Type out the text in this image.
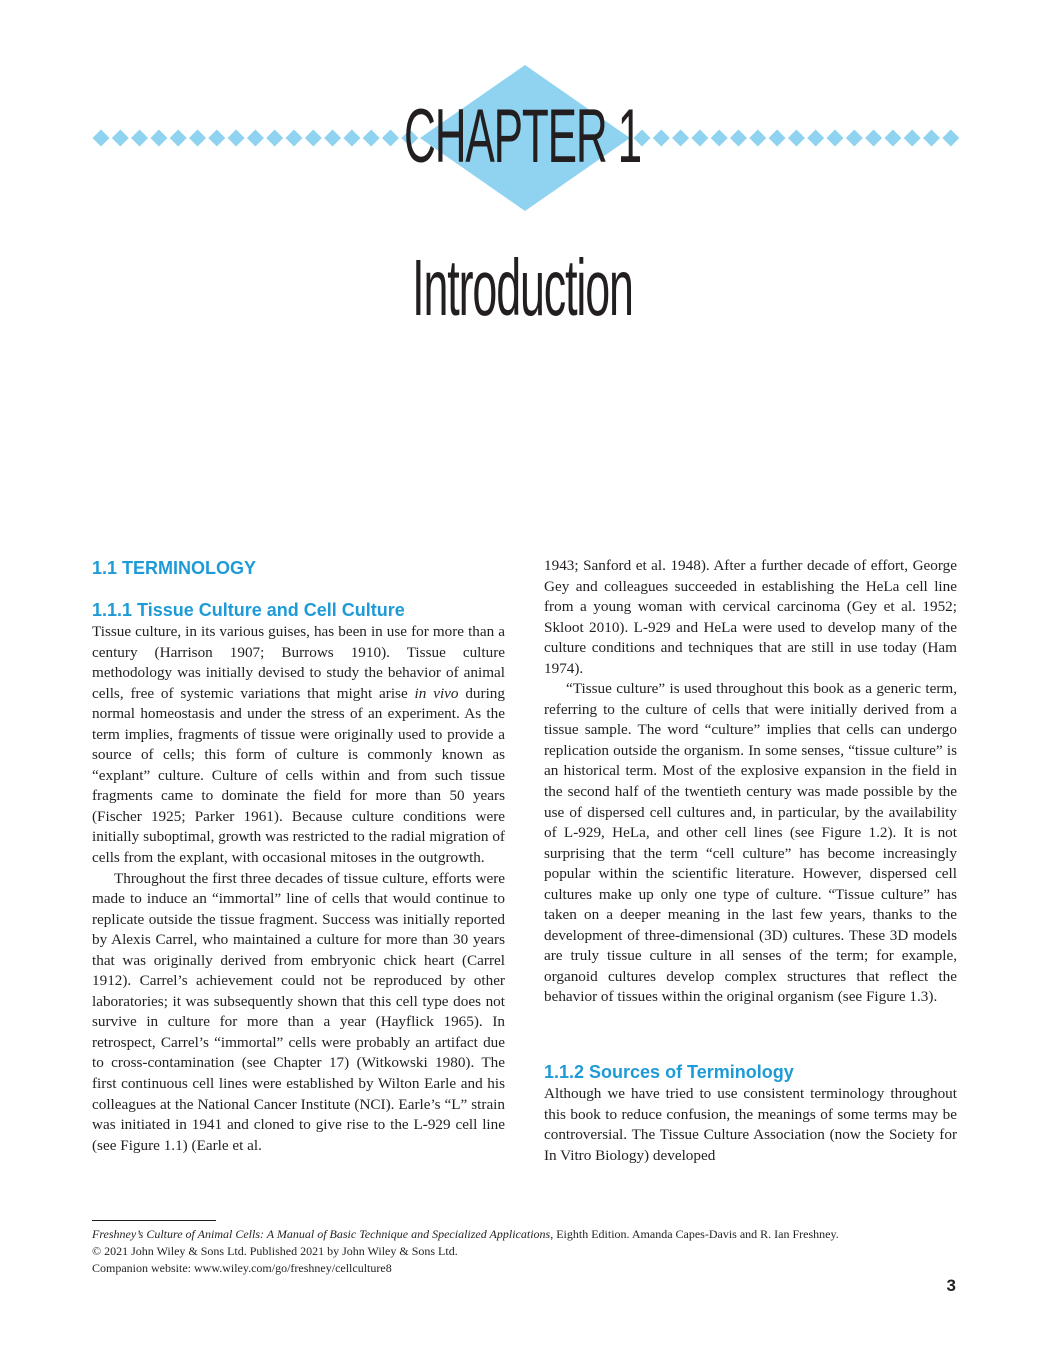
CHAPTER 1
Introduction
1.1 TERMINOLOGY
1.1.1 Tissue Culture and Cell Culture

Tissue culture, in its various guises, has been in use for more than a century (Harrison 1907; Burrows 1910). Tissue culture methodology was initially devised to study the behavior of animal cells, free of systemic variations that might arise in vivo during normal homeostasis and under the stress of an experiment. As the term implies, fragments of tissue were originally used to provide a source of cells; this form of culture is commonly known as “explant” culture. Culture of cells within and from such tissue fragments came to dominate the field for more than 50 years (Fischer 1925; Parker 1961). Because culture conditions were initially suboptimal, growth was restricted to the radial migration of cells from the explant, with occasional mitoses in the outgrowth.

Throughout the first three decades of tissue culture, efforts were made to induce an “immortal” line of cells that would continue to replicate outside the tissue fragment. Success was initially reported by Alexis Carrel, who maintained a culture for more than 30 years that was originally derived from embryonic chick heart (Carrel 1912). Carrel’s achievement could not be reproduced by other laboratories; it was subsequently shown that this cell type does not survive in culture for more than a year (Hayflick 1965). In retrospect, Carrel’s “immortal” cells were probably an artifact due to cross-contamination (see Chapter 17) (Witkowski 1980). The first continuous cell lines were established by Wilton Earle and his colleagues at the National Cancer Institute (NCI). Earle’s “L” strain was initiated in 1941 and cloned to give rise to the L-929 cell line (see Figure 1.1) (Earle et al.

1943; Sanford et al. 1948). After a further decade of effort, George Gey and colleagues succeeded in establishing the HeLa cell line from a young woman with cervical carcinoma (Gey et al. 1952; Skloot 2010). L-929 and HeLa were used to develop many of the culture conditions and techniques that are still in use today (Ham 1974).

“Tissue culture” is used throughout this book as a generic term, referring to the culture of cells that were initially derived from a tissue sample. The word “culture” implies that cells can undergo replication outside the organism. In some senses, “tissue culture” is an historical term. Most of the explosive expansion in the field in the second half of the twentieth century was made possible by the use of dispersed cell cultures and, in particular, by the availability of L-929, HeLa, and other cell lines (see Figure 1.2). It is not surprising that the term “cell culture” has become increasingly popular within the scientific literature. However, dispersed cell cultures make up only one type of culture. “Tissue culture” has taken on a deeper meaning in the last few years, thanks to the development of three-dimensional (3D) cultures. These 3D models are truly tissue culture in all senses of the term; for example, organoid cultures develop complex structures that reflect the behavior of tissues within the original organism (see Figure 1.3).

1.1.2 Sources of Terminology

Although we have tried to use consistent terminology throughout this book to reduce confusion, the meanings of some terms may be controversial. The Tissue Culture Association (now the Society for In Vitro Biology) developed

Freshney’s Culture of Animal Cells: A Manual of Basic Technique and Specialized Applications, Eighth Edition. Amanda Capes-Davis and R. Ian Freshney.
© 2021 John Wiley & Sons Ltd. Published 2021 by John Wiley & Sons Ltd.
Companion website: www.wiley.com/go/freshney/cellculture8
3
